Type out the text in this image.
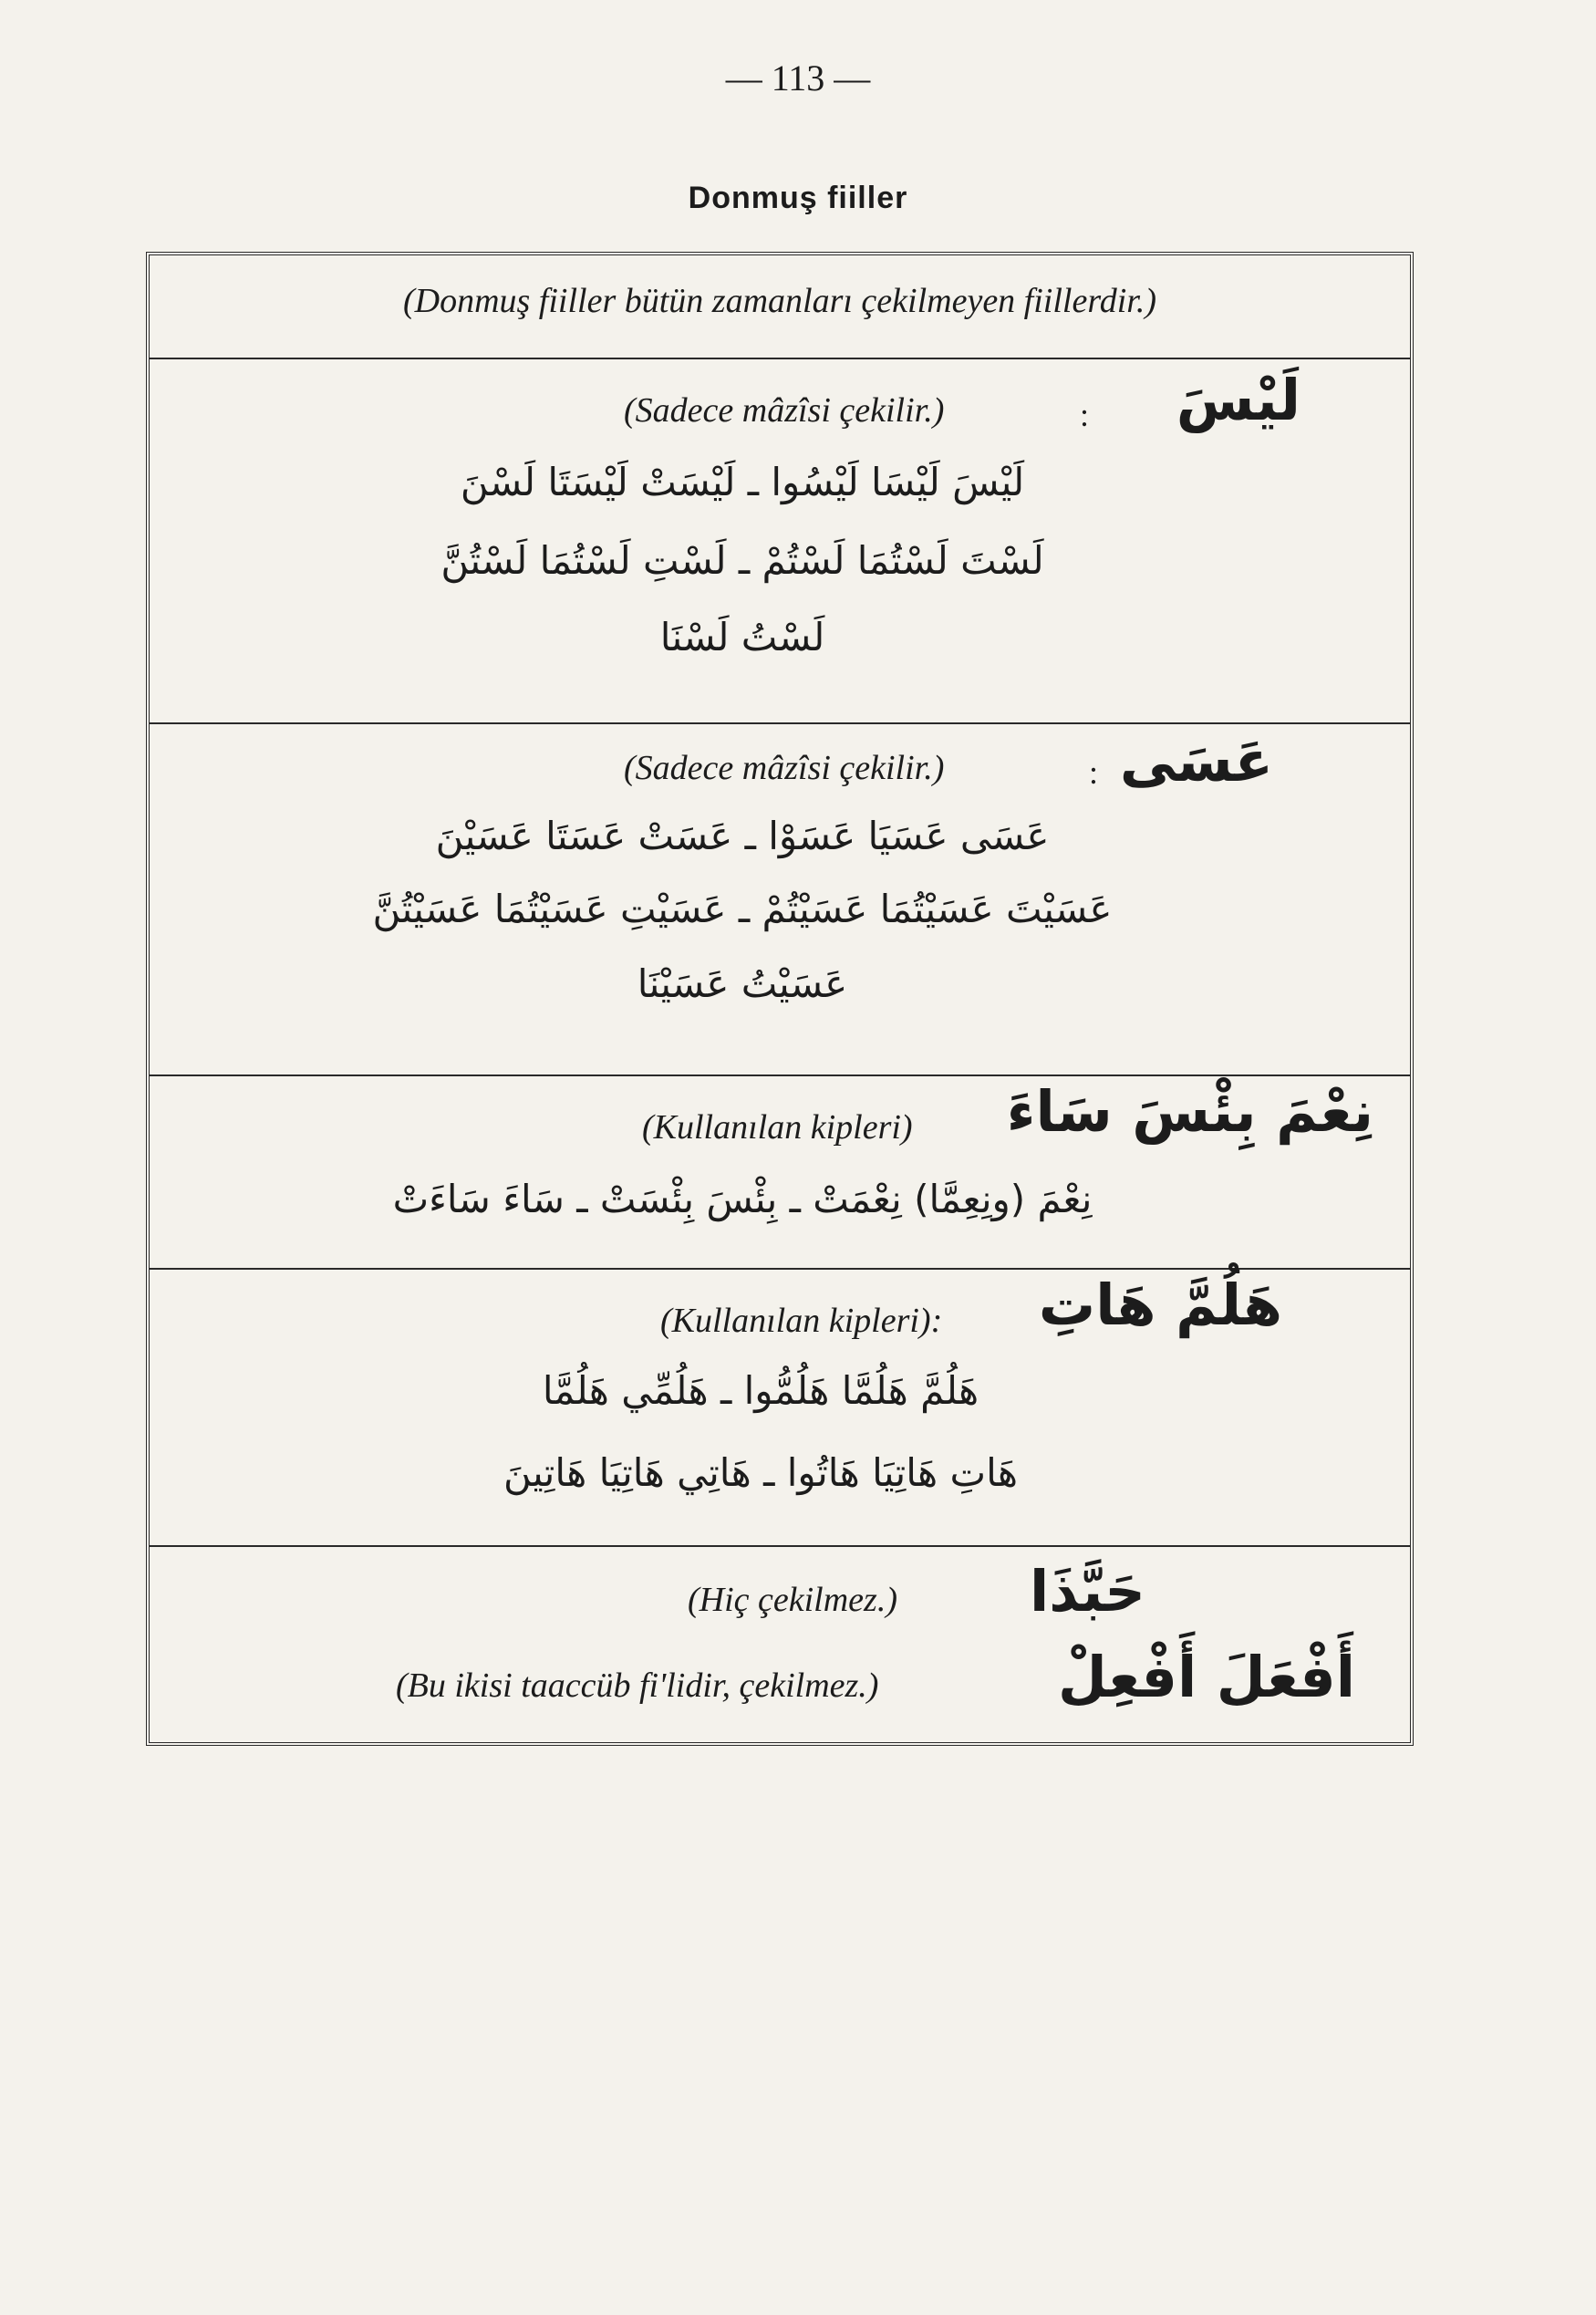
— 113 —
Donmuş fiiller
(Donmuş fiiller bütün zamanları çekilmeyen fiillerdir.)
لَيْسَ
(Sadece mâzîsi çekilir.)	:
لَيْسَ لَيْسَا لَيْسُوا ـ لَيْسَتْ لَيْسَتَا لَسْنَ
لَسْتَ لَسْتُمَا لَسْتُمْ ـ لَسْتِ لَسْتُمَا لَسْتُنَّ
لَسْتُ لَسْنَا
عَسَى
(Sadece mâzîsi çekilir.)	:
عَسَى عَسَيَا عَسَوْا ـ عَسَتْ عَسَتَا عَسَيْنَ
عَسَيْتَ عَسَيْتُمَا عَسَيْتُمْ ـ عَسَيْتِ عَسَيْتُمَا عَسَيْتُنَّ
عَسَيْتُ عَسَيْنَا
نِعْمَ بِئْسَ سَاءَ
(Kullanılan kipleri)
نِعْمَ (ونِعِمَّا) نِعْمَتْ ـ بِئْسَ بِئْسَتْ ـ سَاءَ سَاءَتْ
هَلُمَّ هَاتِ
(Kullanılan kipleri):
هَلُمَّ هَلُمَّا هَلُمُّوا ـ هَلُمِّي هَلُمَّا
هَاتِ هَاتِيَا هَاتُوا ـ هَاتِي هَاتِيَا هَاتِينَ
حَبَّذَا
(Hiç çekilmez.)
أَفْعَلَ أَفْعِلْ
(Bu ikisi taaccüb fi'lidir, çekilmez.)
